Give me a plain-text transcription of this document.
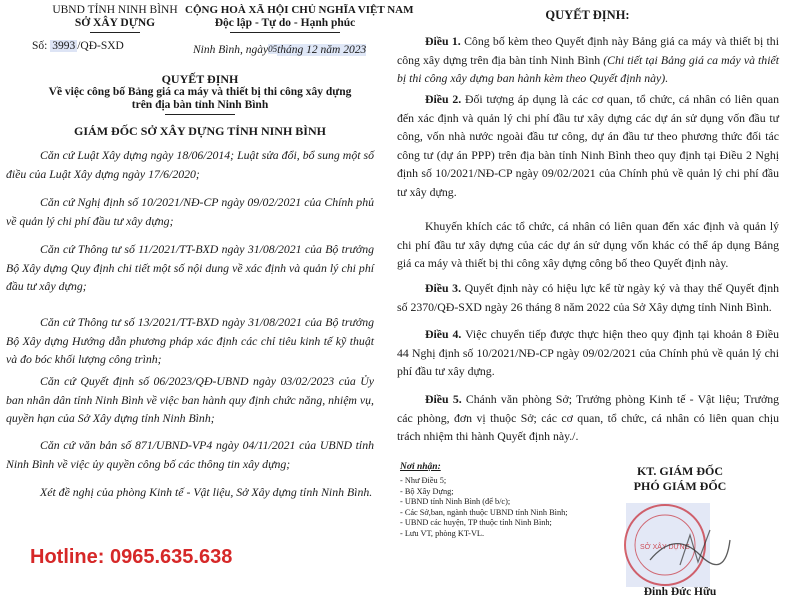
UBND TỈNH NINH BÌNH
SỞ XÂY DỰNG
Số: 3993 /QĐ-SXD
CỘNG HOÀ XÃ HỘI CHỦ NGHĨA VIỆT NAM
Độc lập - Tự do - Hạnh phúc
Ninh Bình, ngày$^{05}$tháng 12 năm 2023
QUYẾT ĐỊNH
Về việc công bố Bảng giá ca máy và thiết bị thi công xây dựng
trên địa bàn tỉnh Ninh Bình
GIÁM ĐỐC SỞ XÂY DỰNG TỈNH NINH BÌNH
Căn cứ Luật Xây dựng ngày 18/06/2014; Luật sửa đổi, bổ sung một số điều của Luật Xây dựng ngày 17/6/2020;
Căn cứ Nghị định số 10/2021/NĐ-CP ngày 09/02/2021 của Chính phủ về quản lý chi phí đầu tư xây dựng;
Căn cứ Thông tư số 11/2021/TT-BXD ngày 31/08/2021 của Bộ trưởng Bộ Xây dựng Quy định chi tiết một số nội dung về xác định và quản lý chi phí đầu tư xây dựng;
Căn cứ Thông tư số 13/2021/TT-BXD ngày 31/08/2021 của Bộ trưởng Bộ Xây dựng Hướng dẫn phương pháp xác định các chỉ tiêu kinh tế kỹ thuật và đo bóc khối lượng công trình;
Căn cứ Quyết định số 06/2023/QĐ-UBND ngày 03/02/2023 của Ủy ban nhân dân tỉnh Ninh Bình về việc ban hành quy định chức năng, nhiệm vụ, quyền hạn của Sở Xây dựng tỉnh Ninh Bình;
Căn cứ văn bản số 871/UBND-VP4 ngày 04/11/2021 của UBND tỉnh Ninh Bình về việc ủy quyền công bố các thông tin xây dựng;
Xét đề nghị của phòng Kinh tế - Vật liệu, Sở Xây dựng tỉnh Ninh Bình.
Hotline: 0965.635.638
QUYẾT ĐỊNH:
Điều 1. Công bố kèm theo Quyết định này Bảng giá ca máy và thiết bị thi công xây dựng trên địa bàn tỉnh Ninh Bình (Chi tiết tại Bảng giá ca máy và thiết bị thi công xây dựng ban hành kèm theo Quyết định này).
Điều 2. Đối tượng áp dụng là các cơ quan, tổ chức, cá nhân có liên quan đến xác định và quản lý chi phí đầu tư xây dựng các dự án sử dụng vốn đầu tư công, vốn nhà nước ngoài đầu tư công, dự án đầu tư theo phương thức đối tác công tư (dự án PPP) trên địa bàn tỉnh Ninh Bình theo quy định tại Điều 2 Nghị định số 10/2021/NĐ-CP ngày 09/02/2021 của Chính phủ về quản lý chi phí đầu tư xây dựng.
Khuyến khích các tổ chức, cá nhân có liên quan đến xác định và quản lý chi phí đầu tư xây dựng của các dự án sử dụng vốn khác có thể áp dụng Bảng giá ca máy và thiết bị thi công xây dựng công bố theo Quyết định này.
Điều 3. Quyết định này có hiệu lực kể từ ngày ký và thay thế Quyết định số 2370/QĐ-SXD ngày 26 tháng 8 năm 2022 của Sở Xây dựng tỉnh Ninh Bình.
Điều 4. Việc chuyển tiếp được thực hiện theo quy định tại khoản 8 Điều 44 Nghị định số 10/2021/NĐ-CP ngày 09/02/2021 của Chính phủ về quản lý chi phí đầu tư xây dựng.
Điều 5. Chánh văn phòng Sở; Trưởng phòng Kinh tế - Vật liệu; Trưởng các phòng, đơn vị thuộc Sở; các cơ quan, tổ chức, cá nhân có liên quan chịu trách nhiệm thi hành Quyết định này./.
Nơi nhận:
- Như Điều 5;
- Bộ Xây Dựng;
- UBND tỉnh Ninh Bình (để b/c);
- Các Sở,ban, ngành thuộc UBND tỉnh Ninh Bình;
- UBND các huyện, TP thuộc tỉnh Ninh Bình;
- Lưu VT, phòng KT-VL.
KT. GIÁM ĐỐC
PHÓ GIÁM ĐỐC
SỞ XÂY DỰNG
Đinh Đức Hữu
